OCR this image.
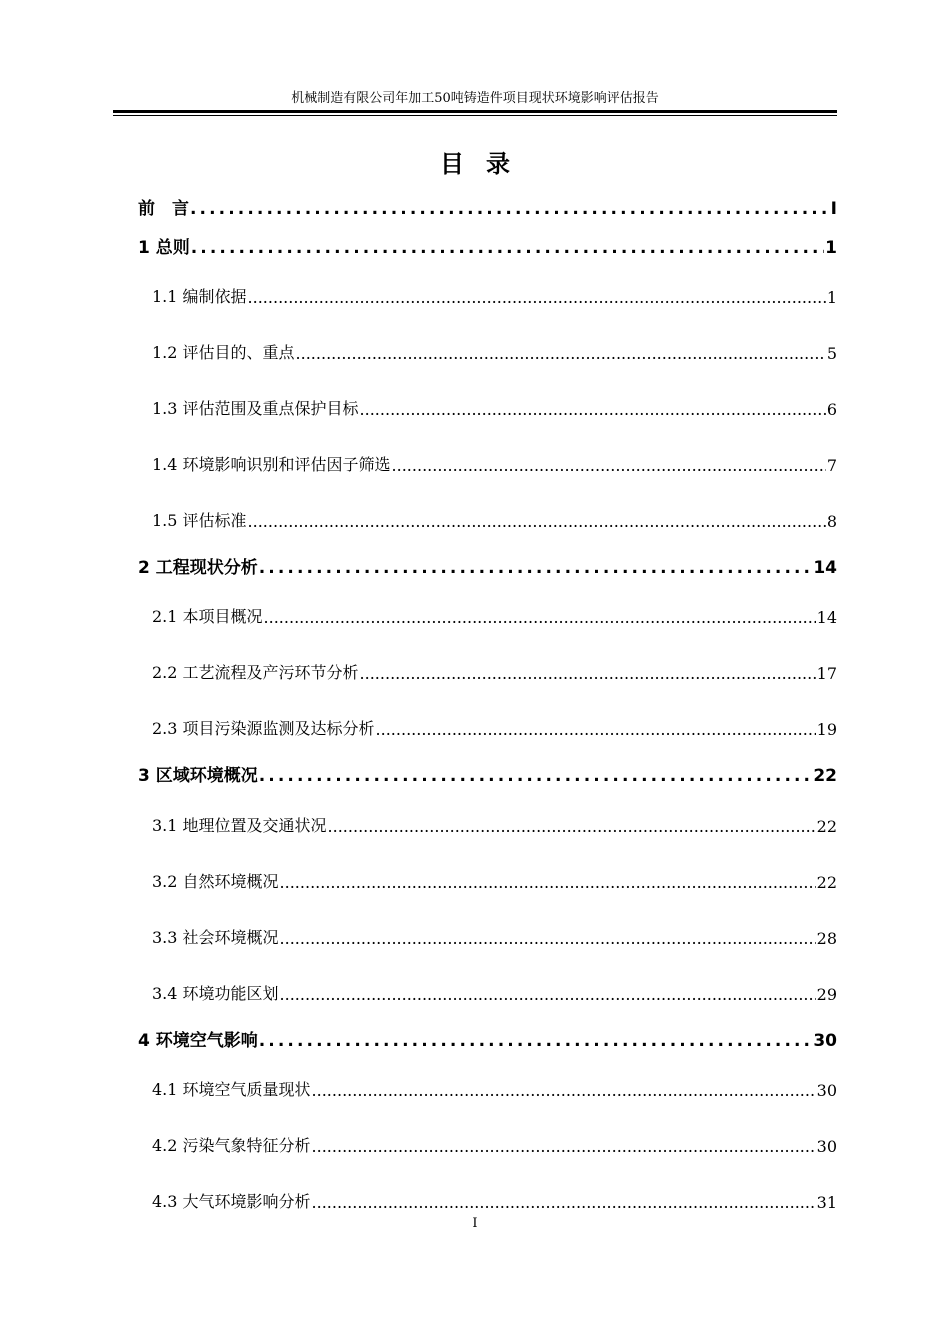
机械制造有限公司年加工50吨铸造件项目现状环境影响评估报告
目录
前　言 .....	I
1 总则 .....	1
1.1 编制依据 .....	1
1.2 评估目的、重点 .....	5
1.3 评估范围及重点保护目标 .....	6
1.4 环境影响识别和评估因子筛选 .....	7
1.5 评估标准 .....	8
2 工程现状分析 .....	14
2.1 本项目概况 .....	14
2.2 工艺流程及产污环节分析 .....	17
2.3 项目污染源监测及达标分析 .....	19
3 区域环境概况 .....	22
3.1 地理位置及交通状况 .....	22
3.2 自然环境概况 .....	22
3.3 社会环境概况 .....	28
3.4 环境功能区划 .....	29
4 环境空气影响 .....	30
4.1 环境空气质量现状 .....	30
4.2 污染气象特征分析 .....	30
4.3 大气环境影响分析 .....	31
I
